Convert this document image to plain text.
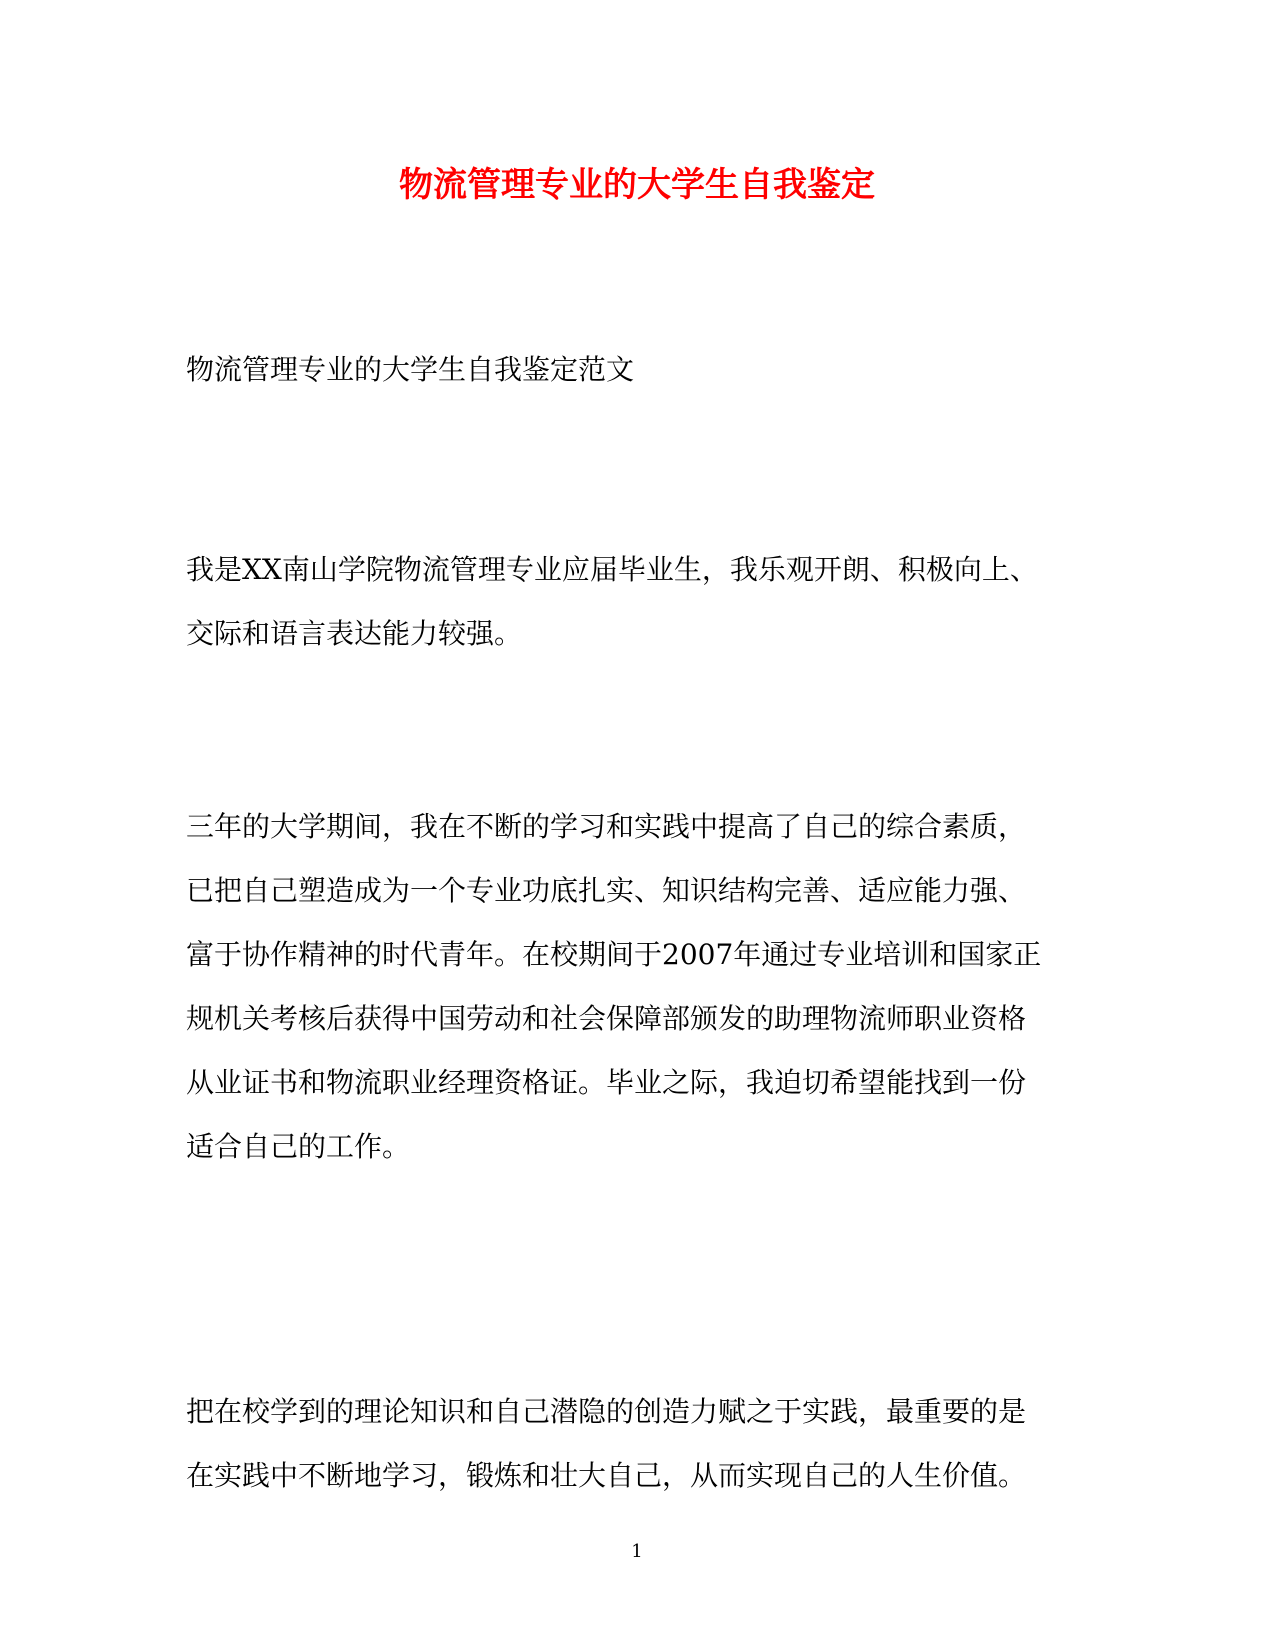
物流管理专业的大学生自我鉴定

物流管理专业的大学生自我鉴定范文

我是XX南山学院物流管理专业应届毕业生，我乐观开朗、积极向上、
交际和语言表达能力较强。

三年的大学期间，我在不断的学习和实践中提高了自己的综合素质，
已把自己塑造成为一个专业功底扎实、知识结构完善、适应能力强、
富于协作精神的时代青年。在校期间于2007年通过专业培训和国家正
规机关考核后获得中国劳动和社会保障部颁发的助理物流师职业资格
从业证书和物流职业经理资格证。毕业之际，我迫切希望能找到一份
适合自己的工作。

把在校学到的理论知识和自己潜隐的创造力赋之于实践，最重要的是
在实践中不断地学习，锻炼和壮大自己，从而实现自己的人生价值。

1
